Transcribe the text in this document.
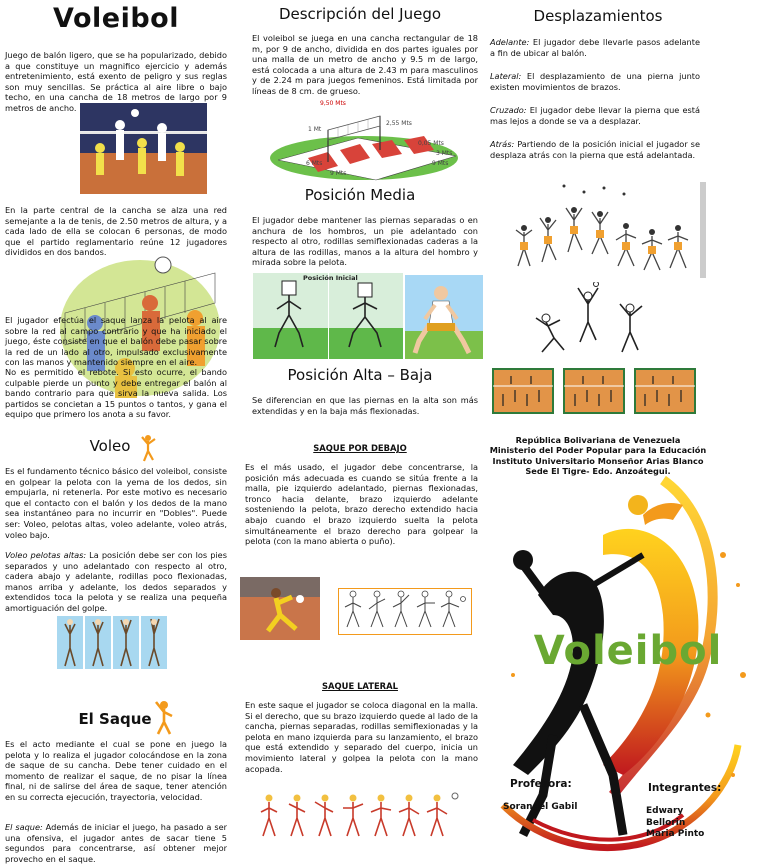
Voleibol
Juego de balón ligero, que se ha popularizado, debido a que constituye un magnifico ejercicio y además entretenimiento, está exento de peligro y sus reglas son muy sencillas. Se práctica al aire libre o bajo techo, en una cancha de 18 metros de largo por 9 metros de ancho.
En la parte central de la cancha se alza una red semejante a la de tenis, de 2.50 metros de altura, y a cada lado de ella se colocan 6 personas, de modo que el partido reglamentario reúne 12 jugadores divididos en dos bandos.
El jugador efectúa el saque lanza la pelota al aire sobre la red al campo contrario y que ha iniciado el juego, éste consiste en que el balón debe pasar sobre la red de un lado al otro, impulsado exclusivamente con las manos y mantenido siempre en el aire.
No es permitido el rebote. Si esto ocurre, el bando culpable pierde un punto y debe entregar el balón al bando contrario para que sirva la nueva salida. Los partidos se concietan a 15 puntos o tantos, y gana el equipo que primero los anota a su favor.
Voleo
Es el fundamento técnico básico del voleibol, consiste en golpear la pelota con la yema de los dedos, sin empujarla, ni retenerla. Por este motivo es necesario que el contacto con el balón y los dedos de la mano sea instantáneo para no incurrir en "Dobles". Puede ser: Voleo, pelotas altas, voleo adelante, voleo atrás, voleo bajo.
Voleo pelotas altas: La posición debe ser con los pies separados y uno adelantado con respecto al otro, cadera abajo y adelante, rodillas poco flexionadas, manos arriba y adelante, los dedos separados y extendidos toca la pelota y se realiza una pequeña amortiguación del golpe.
El Saque
Es el acto mediante el cual se pone en juego la pelota y lo realiza el jugador colocándose en la zona de saque de su cancha. Debe tener cuidado en el momento de realizar el saque, de no pisar la línea final, ni de salirse del área de saque, tener atención en su correcta ejecución, trayectoria, velocidad.
El saque: Además de iniciar el juego, ha pasado a ser una ofensiva, el jugador antes de sacar tiene 5 segundos para concentrarse, así obtener mejor provecho en el saque.
Descripción del Juego
El voleibol se juega en una cancha rectangular de 18 m, por 9 de ancho, dividida en dos partes iguales por una malla de un metro de ancho y 9.5 m de largo, está colocada a una altura de 2.43 m para masculinos y de 2.24 m para juegos femeninos. Está limitada por líneas de 8 cm. de grueso.
9,50 Mts
2,55 Mts
1 Mt
0,05 Mts
3 Mts
9 Mts
6 Mts
9 Mts
Posición Media
El jugador debe mantener las piernas separadas o en anchura de los hombros, un pie adelantado con respecto al otro, rodillas semiflexionadas caderas a la altura de las rodillas, manos a la altura del hombro y mirada sobre la pelota.
Posición Inicial
Posición Alta – Baja
Se diferencian en que las piernas en la alta son más extendidas y en la baja más flexionadas.
SAQUE POR DEBAJO
Es el más usado, el jugador debe concentrarse, la posición más adecuada es cuando se sitúa frente a la malla, pie izquierdo adelantado, piernas flexionadas, tronco hacia delante, brazo izquierdo adelante sosteniendo la pelota, brazo derecho extendido hacia abajo cuando el brazo izquierdo suelta la pelota simultáneamente el brazo derecho para golpear la pelota (con la mano abierta o puño).
SAQUE LATERAL
En este saque el jugador se coloca diagonal en la malla. Si el derecho, que su brazo izquierdo quede al lado de la cancha, piernas separadas, rodillas semiflexionadas y la pelota en mano izquierda para su lanzamiento, el brazo que está extendido y separado del cuerpo, inicia un movimiento lateral y golpea la pelota con la mano acopada.
Desplazamientos
Adelante: El jugador debe llevarle pasos adelante a fin de ubicar al balón.
Lateral: El desplazamiento de una pierna junto existen movimientos de brazos.
Cruzado: El jugador debe llevar la pierna que está mas lejos a donde se va a desplazar.
Atrás: Partiendo de la posición inicial el jugador se desplaza atrás con la pierna que está adelantada.
República Bolivariana de Venezuela
Ministerio del Poder Popular para la Educación
Instituto Universitario Monseñor Arias Blanco
Sede El Tigre- Edo. Anzoátegui.
Voleibol
Profesora:
Sorangel Gabil
Integrantes:
Edwary
Bellorin
Maria Pinto
